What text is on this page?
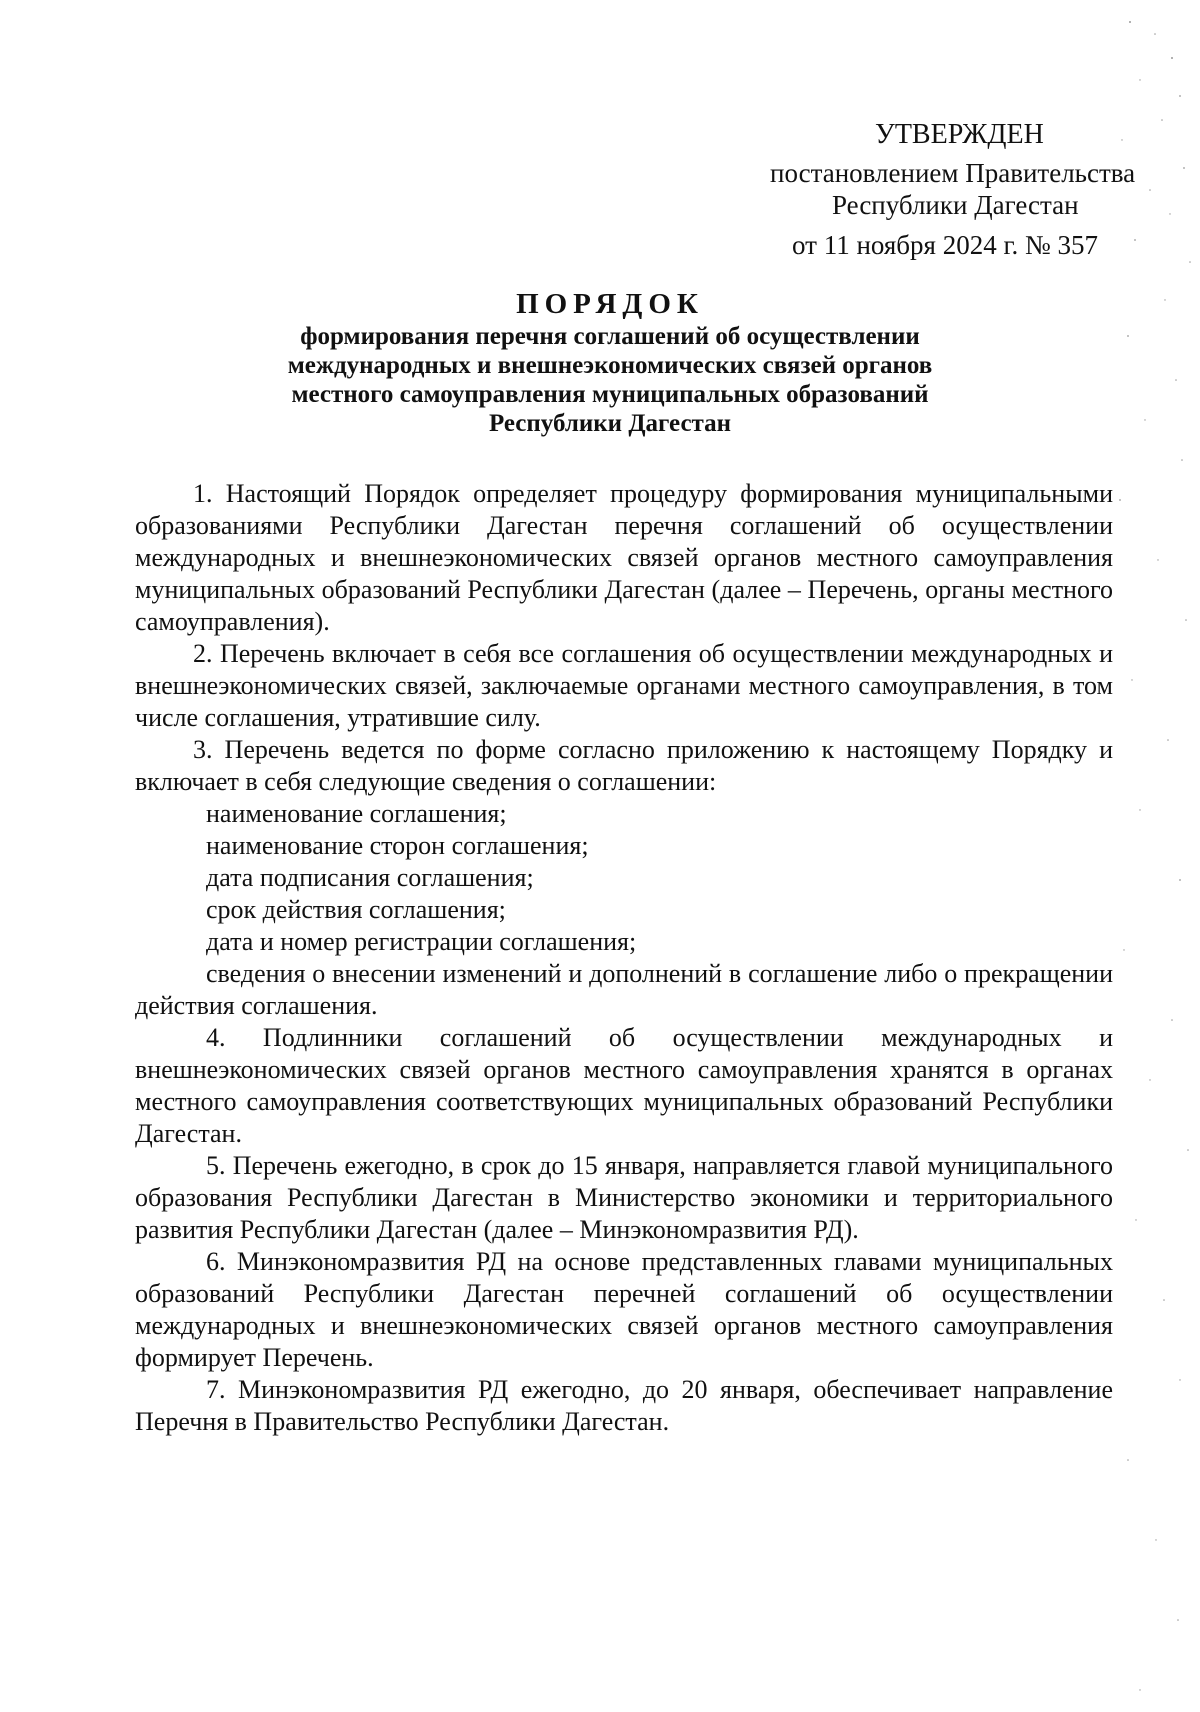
УТВЕРЖДЕН
постановлением Правительства
Республики Дагестан
от 11 ноября 2024 г. № 357
ПОРЯДОК
формирования перечня соглашений об осуществлении
международных и внешнеэкономических связей органов
местного самоуправления муниципальных образований
Республики Дагестан

1. Настоящий Порядок определяет процедуру формирования муниципальными образованиями Республики Дагестан перечня соглашений об осуществлении международных и внешнеэкономических связей органов местного самоуправления муниципальных образований Республики Дагестан (далее – Перечень, органы местного самоуправления).

2. Перечень включает в себя все соглашения об осуществлении международных и внешнеэкономических связей, заключаемые органами местного самоуправления, в том числе соглашения, утратившие силу.

3. Перечень ведется по форме согласно приложению к настоящему Порядку и включает в себя следующие сведения о соглашении:

наименование соглашения;

наименование сторон соглашения;

дата подписания соглашения;

срок действия соглашения;

дата и номер регистрации соглашения;

сведения о внесении изменений и дополнений в соглашение либо о прекращении действия соглашения.

4. Подлинники соглашений об осуществлении международных и внешнеэкономических связей органов местного самоуправления хранятся в органах местного самоуправления соответствующих муниципальных образований Республики Дагестан.

5. Перечень ежегодно, в срок до 15 января, направляется главой муниципального образования Республики Дагестан в Министерство экономики и территориального развития Республики Дагестан (далее – Минэкономразвития РД).

6. Минэкономразвития РД на основе представленных главами муниципальных образований Республики Дагестан перечней соглашений об осуществлении международных и внешнеэкономических связей органов местного самоуправления формирует Перечень.

7. Минэкономразвития РД ежегодно, до 20 января, обеспечивает направление Перечня в Правительство Республики Дагестан.
